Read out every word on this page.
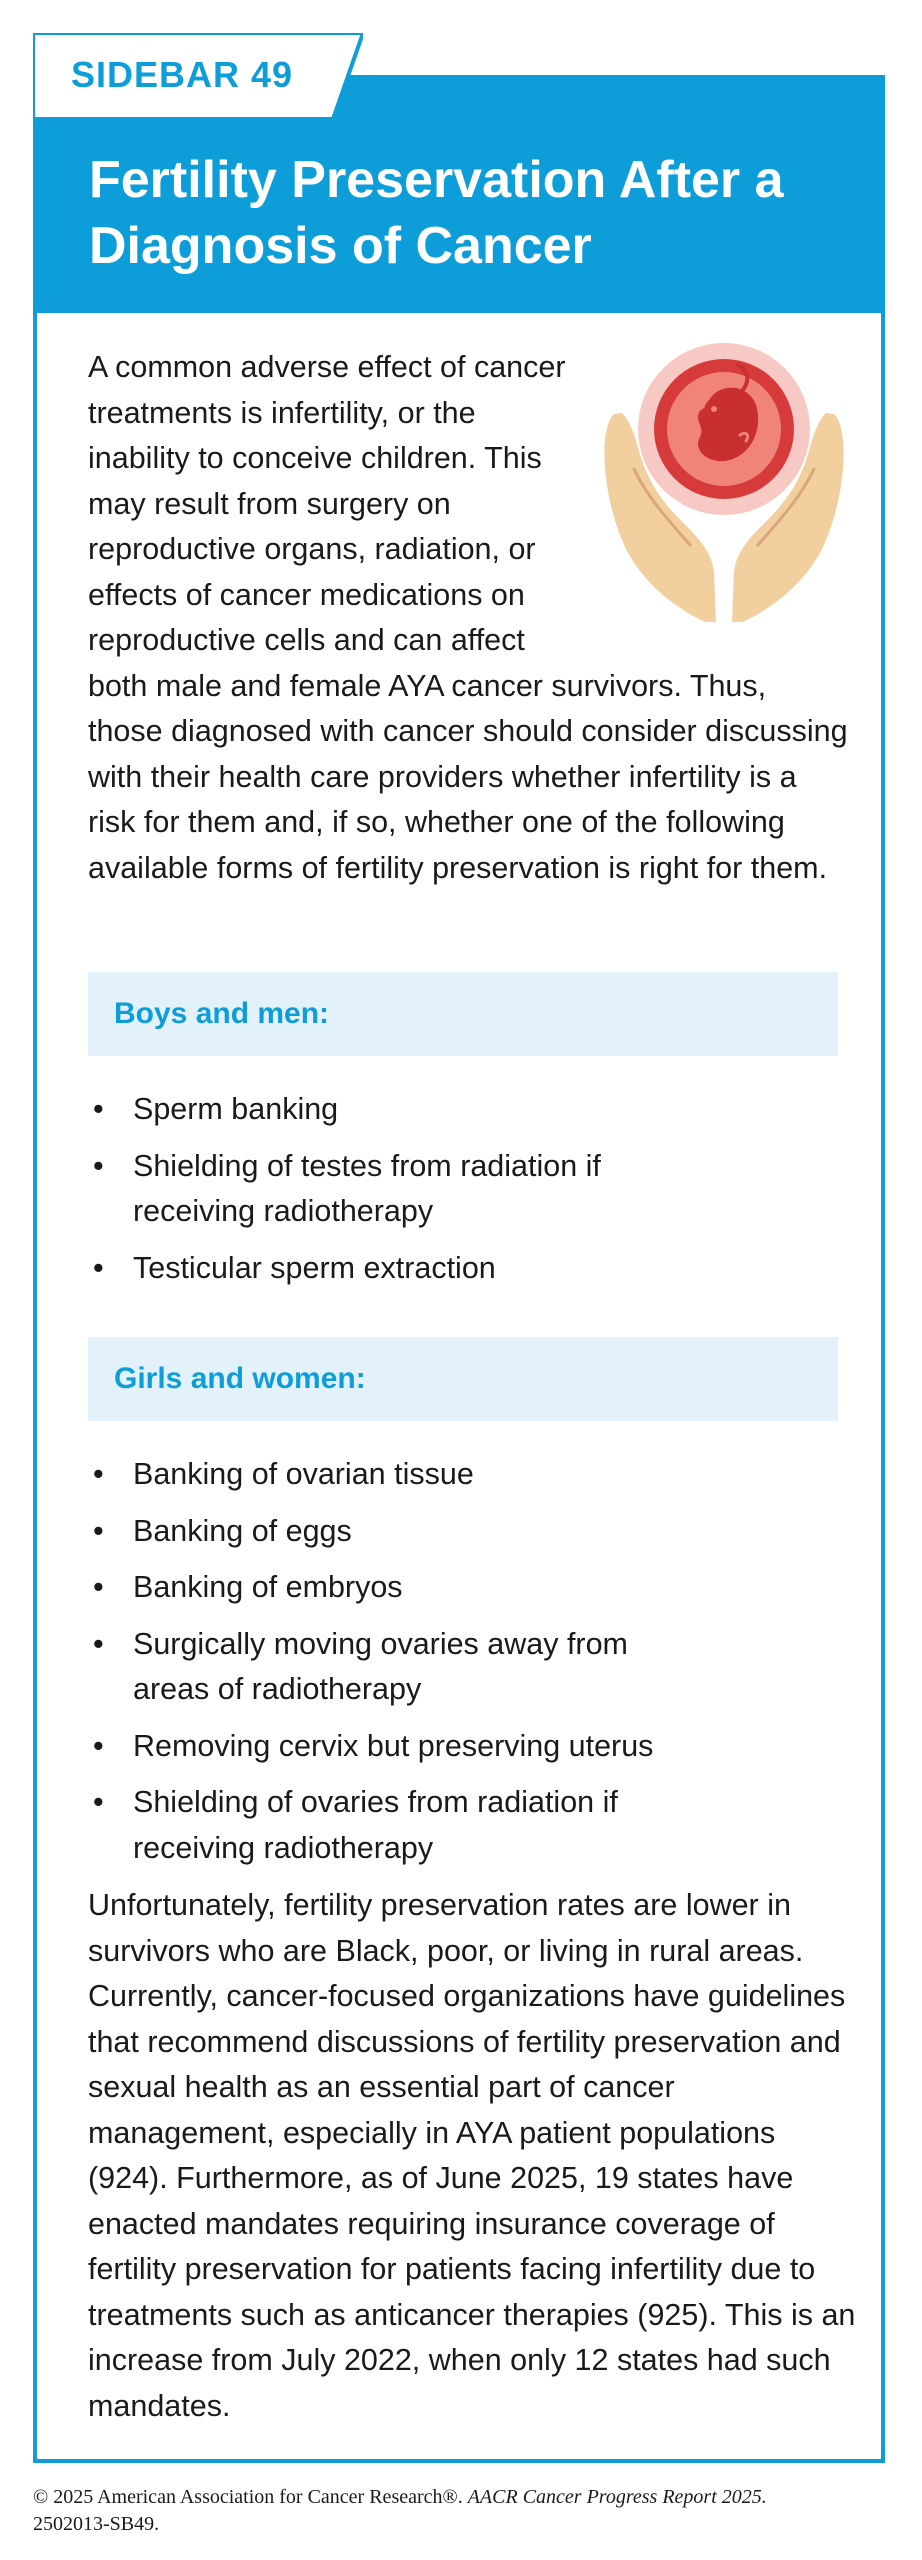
Fertility Preservation After a Diagnosis of Cancer
SIDEBAR 49
A common adverse effect of cancer treatments is infertility, or the inability to conceive children. This may result from surgery on reproductive organs, radiation, or effects of cancer medications on reproductive cells and can affect both male and female AYA cancer survivors. Thus, those diagnosed with cancer should consider discussing with their health care providers whether infertility is a risk for them and, if so, whether one of the following available forms of fertility preservation is right for them.
Boys and men:
• Sperm banking
• Shielding of testes from radiation if receiving radiotherapy
• Testicular sperm extraction
Girls and women:
• Banking of ovarian tissue
• Banking of eggs
• Banking of embryos
• Surgically moving ovaries away from areas of radiotherapy
• Removing cervix but preserving uterus
• Shielding of ovaries from radiation if receiving radiotherapy

Unfortunately, fertility preservation rates are lower in survivors who are Black, poor, or living in rural areas. Currently, cancer-focused organizations have guidelines that recommend discussions of fertility preservation and sexual health as an essential part of cancer management, especially in AYA patient populations (924). Furthermore, as of June 2025, 19 states have enacted mandates requiring insurance coverage of fertility preservation for patients facing infertility due to treatments such as anticancer therapies (925). This is an increase from July 2022, when only 12 states had such mandates.

© 2025 American Association for Cancer Research®. AACR Cancer Progress Report 2025.
2502013-SB49.
